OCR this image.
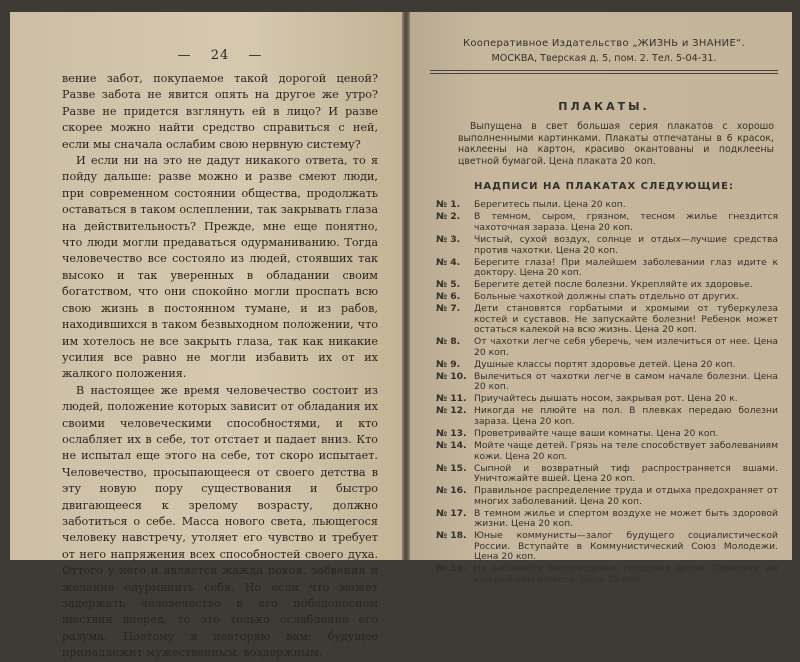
— 24 —

вение забот, покупаемое такой дорогой ценой? Разве забота не явится опять на другое же утро? Разве не придется взглянуть ей в лицо? И разве скорее можно найти средство справиться с ней, если мы сначала ослабим свою нервную систему?

И если ни на это не дадут никакого ответа, то я пойду дальше: разве можно и разве смеют люди, при современном состоянии общества, продолжать оставаться в таком ослеплении, так закрывать глаза на действительность? Прежде, мне еще понятно, что люди могли предаваться одурманиванию. Тогда человечество все состояло из людей, стоявших так высоко и так уверенных в обладании своим богатством, что они спокойно могли проспать всю свою жизнь в постоянном тумане, и из рабов, находившихся в таком безвыходном положении, что им хотелось не все закрыть глаза, так как никакие усилия все равно не могли избавить их от их жалкого положения.

В настоящее же время человечество состоит из людей, положение которых зависит от обладания их своими человеческими способностями, и кто ослабляет их в себе, тот отстает и падает вниз. Кто не испытал еще этого на себе, тот скоро испытает. Человечество, просыпающееся от своего детства в эту новую пору существования и быстро двигающееся к зрелому возрасту, должно заботиться о себе. Масса нового света, льющегося человеку навстречу, утоляет его чувство и требует от него напряжения всех способностей своего духа. Оттого у него и является жажда покоя, забвения и желание одурманить себя. Но если что может задержать человечество в его победоносном шествии вперед, то это только ослабление его разума. Поэтому я повторяю вам: будущее принадлежит мужественным, воздержным.

Кооперативное Издательство „ЖИЗНЬ и ЗНАНИЕ“.
МОСКВА, Тверская д. 5, пом. 2. Тел. 5-04-31.
ПЛАКАТЫ.
Выпущена в свет большая серия плакатов с хорошо выполненными картинками. Плакаты отпечатаны в 6 красок, наклеены на картон, красиво окантованы и подклеены цветной бумагой. Цена плаката 20 коп.
НАДПИСИ НА ПЛАКАТАХ СЛЕДУЮЩИЕ:
№ 1.	Берегитесь пыли. Цена 20 коп.
№ 2.	В темном, сыром, грязном, тесном жилье гнездится чахоточная зараза. Цена 20 коп.
№ 3.	Чистый, сухой воздух, солнце и отдых—лучшие средства против чахотки. Цена 20 коп.
№ 4.	Берегите глаза! При малейшем заболевании глаз идите к доктору. Цена 20 коп.
№ 5.	Берегите детей после болезни. Укрепляйте их здоровье.
№ 6.	Больные чахоткой должны спать отдельно от других.
№ 7.	Дети становятся горбатыми и хромыми от туберкулеза костей и суставов. Не запускайте болезни! Ребенок может остаться калекой на всю жизнь. Цена 20 коп.
№ 8.	От чахотки легче себя уберечь, чем излечиться от нее. Цена 20 коп.
№ 9.	Душные классы портят здоровье детей. Цена 20 коп.
№ 10. Вылечиться от чахотки легче в самом начале болезни. Цена 20 коп.
№ 11. Приучайтесь дышать носом, закрывая рот. Цена 20 к.
№ 12. Никогда не плюйте на пол. В плевках передаю болезни зараза. Цена 20 коп.
№ 13. Проветривайте чаще ваши комнаты. Цена 20 коп.
№ 14. Мойте чаще детей. Грязь на теле способствует заболеваниям кожи. Цена 20 коп.
№ 15. Сыпной и возвратный тиф распространяется вшами. Уничтожайте вшей. Цена 20 коп.
№ 16. Правильное распределение труда и отдыха предохраняет от многих заболеваний. Цена 20 коп.
№ 17. В темном жилье и спертом воздухе не может быть здоровой жизни. Цена 20 коп.
№ 18. Юные коммунисты—залог будущего социалистической России. Вступайте в Коммунистический Союз Молодежи. Цена 20 коп.
№ 19. Не забывайте беспризорных голодных детей. Помогите им каждый чем можете. Цена 20 коп.
